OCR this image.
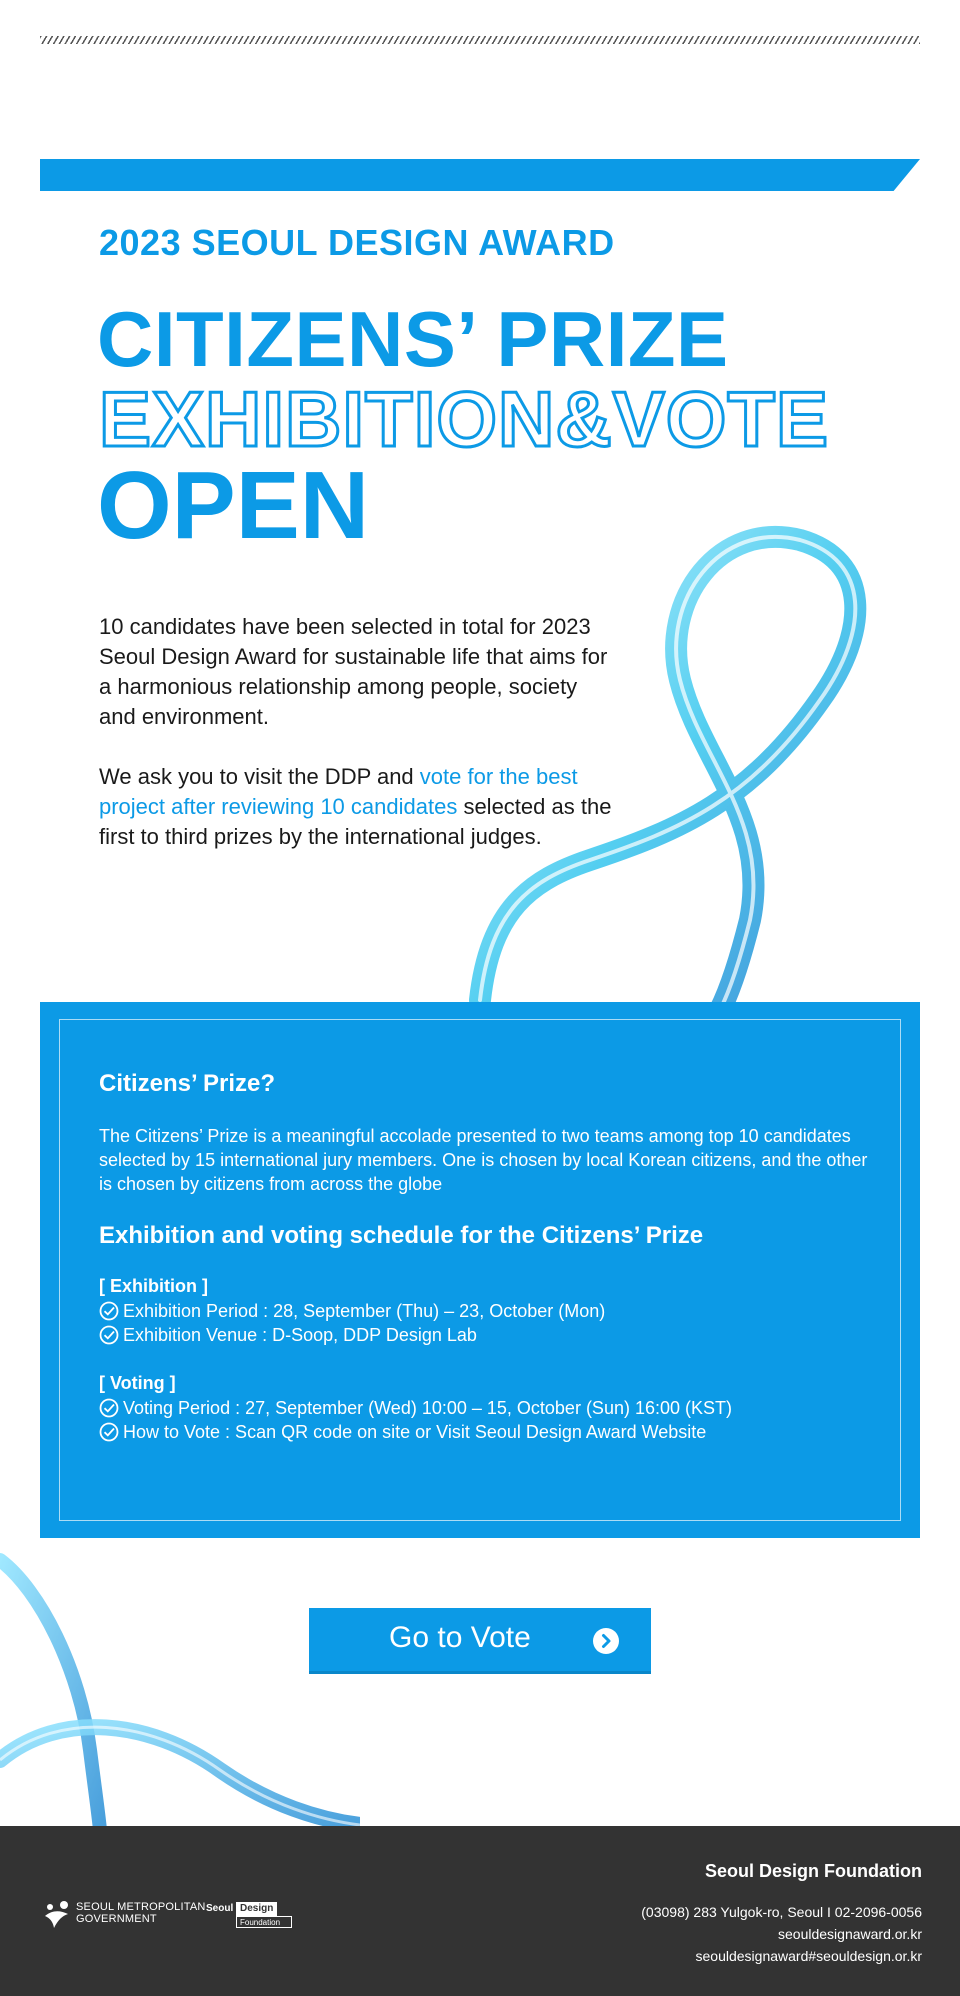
2023 SEOUL DESIGN AWARD
CITIZENS’ PRIZE
EXHIBITION&VOTE
OPEN

10 candidates have been selected in total for 2023 Seoul Design Award for sustainable life that aims for a harmonious relationship among people, society and environment.

We ask you to visit the DDP and vote for the best project after reviewing 10 candidates selected as the first to third prizes by the international judges.

Citizens’ Prize?
The Citizens’ Prize is a meaningful accolade presented to two teams among top 10 candidates selected by 15 international jury members. One is chosen by local Korean citizens, and the other is chosen by citizens from across the globe
Exhibition and voting schedule for the Citizens’ Prize
[ Exhibition ]
Exhibition Period : 28, September (Thu) – 23, October (Mon)
Exhibition Venue : D-Soop, DDP Design Lab
[ Voting ]
Voting Period : 27, September (Wed) 10:00 – 15, October (Sun) 16:00 (KST)
How to Vote : Scan QR code on site or Visit Seoul Design Award Website
Go to Vote
SEOUL METROPOLITAN
GOVERNMENT
Seoul Design
Foundation
Seoul Design Foundation
(03098) 283 Yulgok-ro, Seoul I 02-2096-0056
seouldesignaward.or.kr
seouldesignaward#seouldesign.or.kr
